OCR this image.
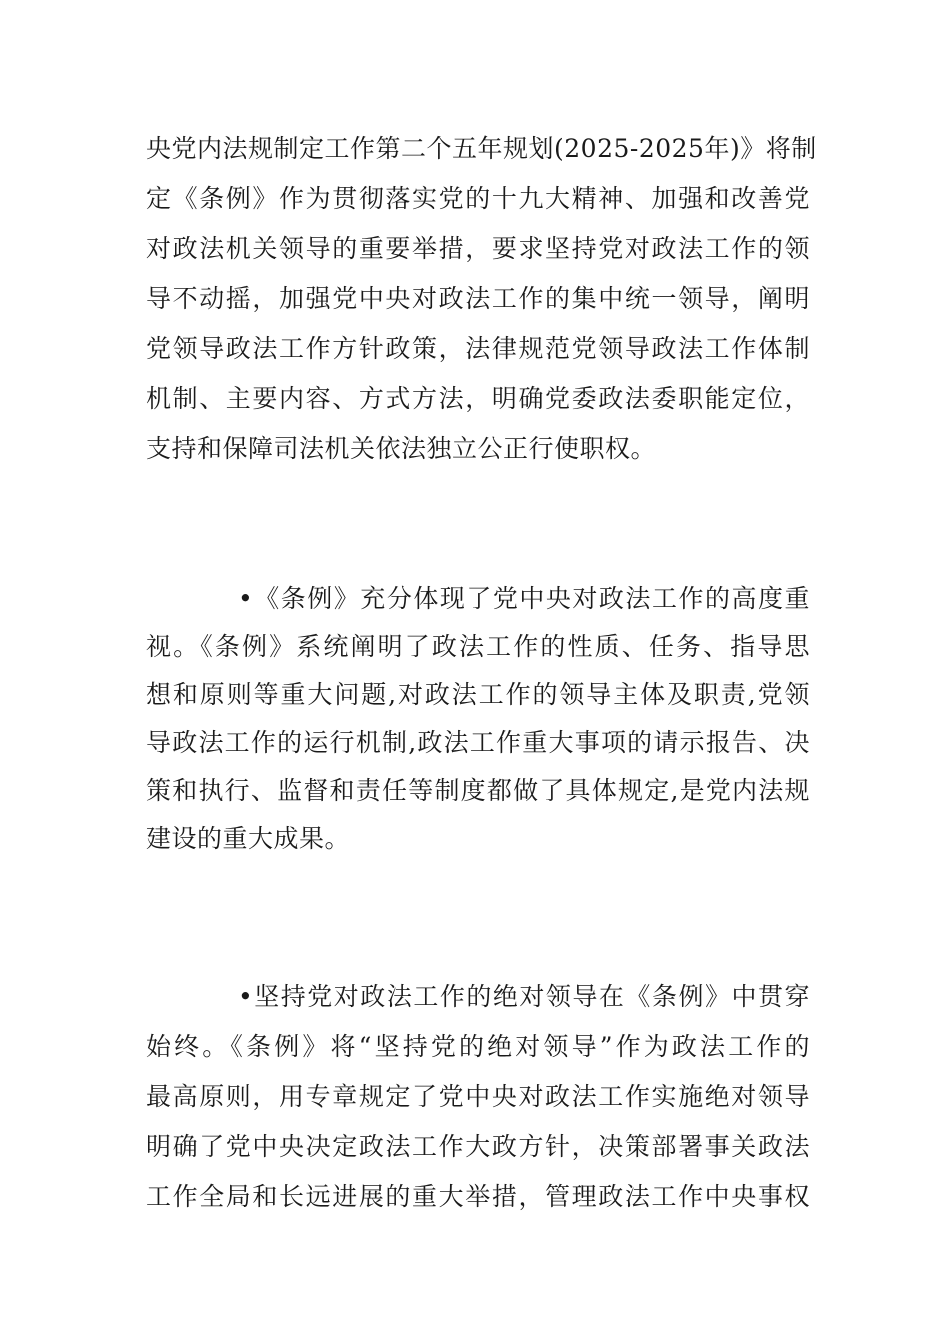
央党内法规制定工作第二个五年规划(2025-2025年)》将制

定《条例》作为贯彻落实党的十九大精神、加强和改善党

对政法机关领导的重要举措，要求坚持党对政法工作的领

导不动摇，加强党中央对政法工作的集中统一领导，阐明

党领导政法工作方针政策，法律规范党领导政法工作体制

机制、主要内容、方式方法，明确党委政法委职能定位，

支持和保障司法机关依法独立公正行使职权。

•《条例》充分体现了党中央对政法工作的高度重

视。《条例》系统阐明了政法工作的性质、任务、指导思

想和原则等重大问题,对政法工作的领导主体及职责,党领

导政法工作的运行机制,政法工作重大事项的请示报告、决

策和执行、监督和责任等制度都做了具体规定,是党内法规

建设的重大成果。

•坚持党对政法工作的绝对领导在《条例》中贯穿

始终。《条例》将“坚持党的绝对领导”作为政法工作的

最高原则，用专章规定了党中央对政法工作实施绝对领导

明确了党中央决定政法工作大政方针，决策部署事关政法

工作全局和长远进展的重大举措，管理政法工作中央事权
